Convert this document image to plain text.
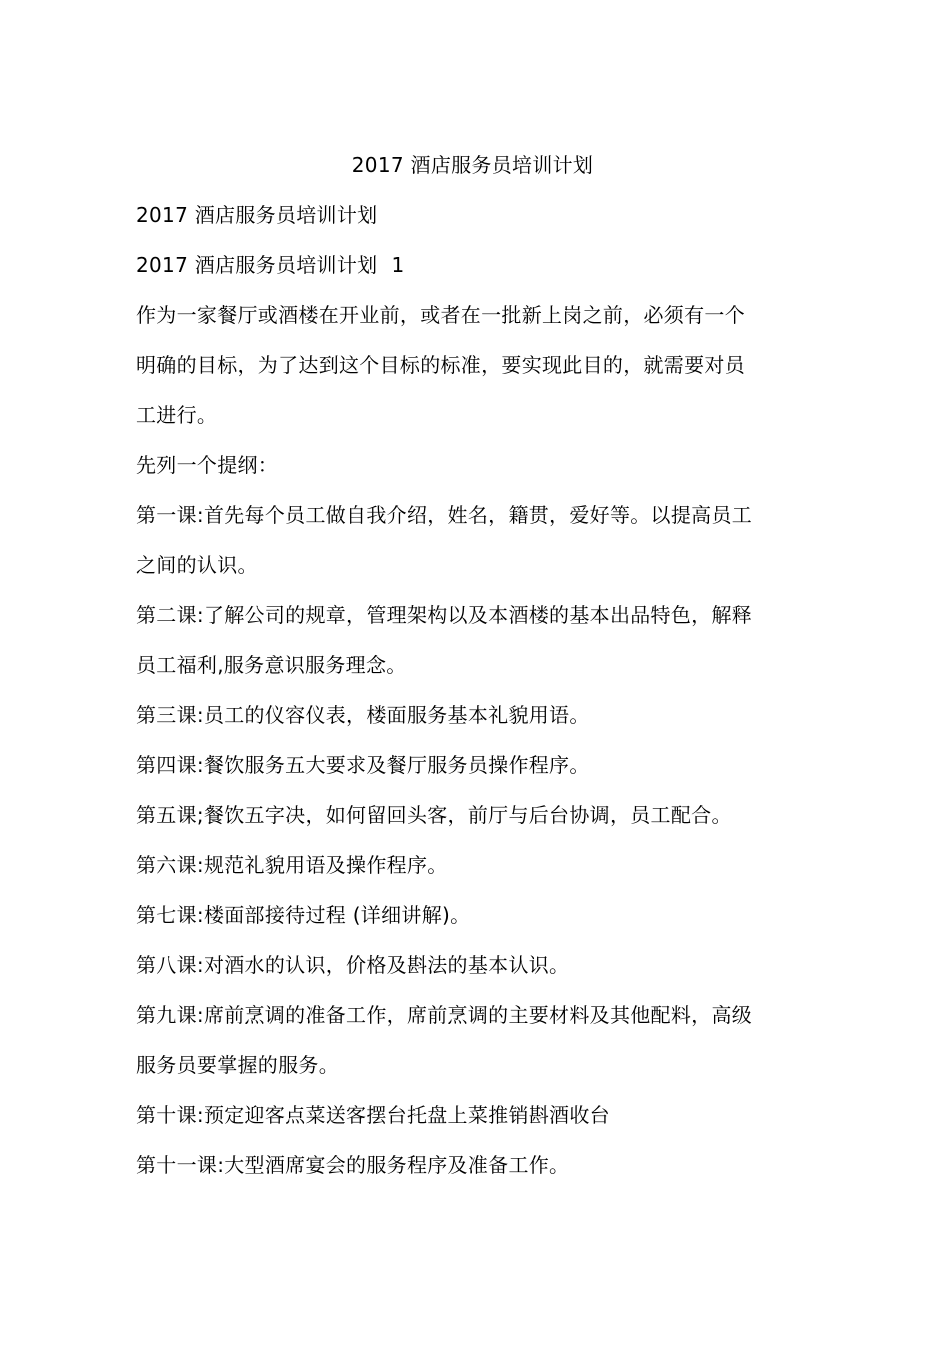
2017 酒店服务员培训计划
2017 酒店服务员培训计划
2017 酒店服务员培训计划 1
作为一家餐厅或酒楼在开业前，或者在一批新上岗之前，必须有一个
明确的目标，为了达到这个目标的标准，要实现此目的，就需要对员
工进行。
先列一个提纲：
第一课:首先每个员工做自我介绍，姓名，籍贯，爱好等。以提高员工
之间的认识。
第二课:了解公司的规章，管理架构以及本酒楼的基本出品特色，解释
员工福利,服务意识服务理念。
第三课:员工的仪容仪表，楼面服务基本礼貌用语。
第四课:餐饮服务五大要求及餐厅服务员操作程序。
第五课;餐饮五字决，如何留回头客，前厅与后台协调，员工配合。
第六课:规范礼貌用语及操作程序。
第七课:楼面部接待过程 (详细讲解)。
第八课:对酒水的认识，价格及斟法的基本认识。
第九课:席前烹调的准备工作，席前烹调的主要材料及其他配料，高级
服务员要掌握的服务。
第十课:预定迎客点菜送客摆台托盘上菜推销斟酒收台
第十一课:大型酒席宴会的服务程序及准备工作。
